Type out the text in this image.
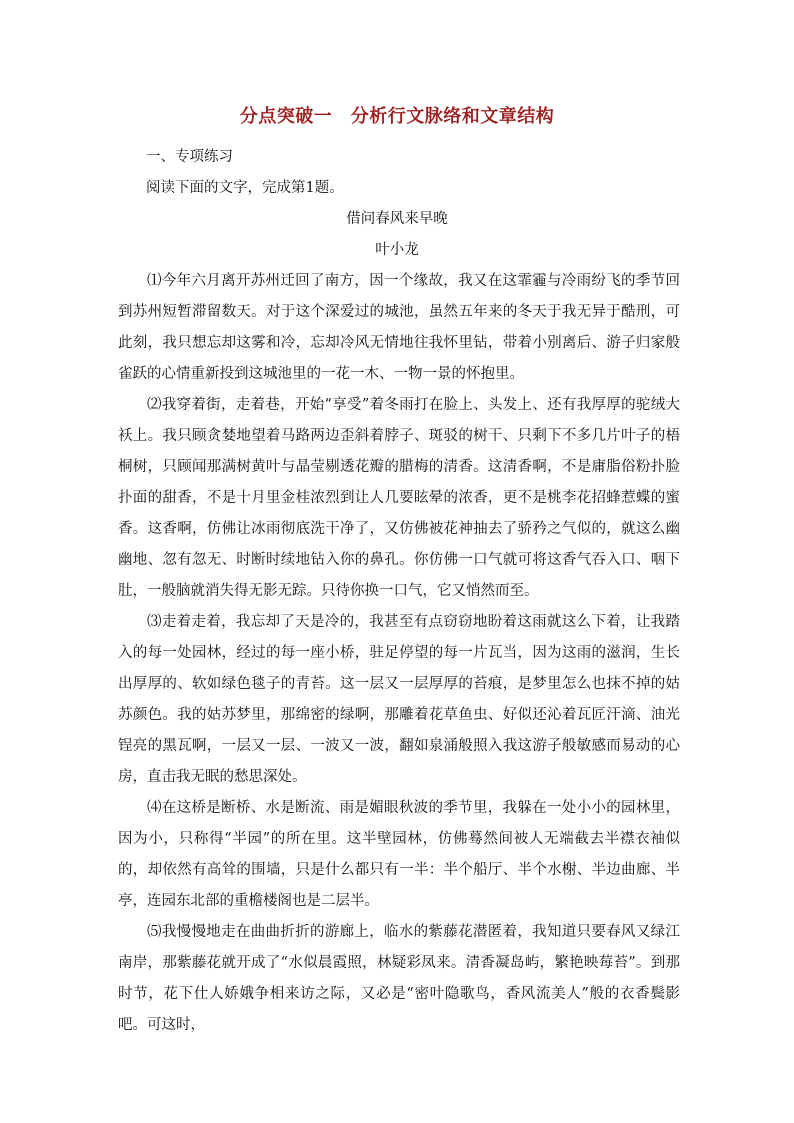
分点突破一　分析行文脉络和文章结构
一、专项练习
阅读下面的文字，完成第1题。
借问春风来早晚
叶小龙

⑴今年六月离开苏州迁回了南方，因一个缘故，我又在这霏霾与冷雨纷飞的季节回到苏州短暂滞留数天。对于这个深爱过的城池，虽然五年来的冬天于我无异于酷刑，可此刻，我只想忘却这雾和冷，忘却冷风无情地往我怀里钻，带着小别离后、游子归家般雀跃的心情重新投到这城池里的一花一木、一物一景的怀抱里。

⑵我穿着街，走着巷，开始“享受”着冬雨打在脸上、头发上、还有我厚厚的驼绒大袄上。我只顾贪婪地望着马路两边歪斜着脖子、斑驳的树干、只剩下不多几片叶子的梧桐树，只顾闻那满树黄叶与晶莹剔透花瓣的腊梅的清香。这清香啊，不是庸脂俗粉扑脸扑面的甜香，不是十月里金桂浓烈到让人几要眩晕的浓香，更不是桃李花招蜂惹蝶的蜜香。这香啊，仿佛让冰雨彻底洗干净了，又仿佛被花神抽去了骄矜之气似的，就这么幽幽地、忽有忽无、时断时续地钻入你的鼻孔。你仿佛一口气就可将这香气吞入口、咽下肚，一般脑就消失得无影无踪。只待你换一口气，它又悄然而至。

⑶走着走着，我忘却了天是冷的，我甚至有点窃窃地盼着这雨就这么下着，让我踏入的每一处园林，经过的每一座小桥，驻足停望的每一片瓦当，因为这雨的滋润，生长出厚厚的、软如绿色毯子的青苔。这一层又一层厚厚的苔痕，是梦里怎么也抹不掉的姑苏颜色。我的姑苏梦里，那绵密的绿啊，那雕着花草鱼虫、好似还沁着瓦匠汗滴、油光锃亮的黑瓦啊，一层又一层、一波又一波，翻如泉涌般照入我这游子般敏感而易动的心房，直击我无眠的愁思深处。

⑷在这桥是断桥、水是断流、雨是媚眼秋波的季节里，我躲在一处小小的园林里，因为小，只称得“半园”的所在里。这半壁园林，仿佛蓦然间被人无端截去半襟衣袖似的，却依然有高耸的围墙，只是什么都只有一半：半个船厅、半个水榭、半边曲廊、半亭，连园东北部的重檐楼阁也是二层半。

⑸我慢慢地走在曲曲折折的游廊上，临水的紫藤花潜匿着，我知道只要春风又绿江南岸，那紫藤花就开成了“水似晨霞照，林疑彩凤来。清香凝岛屿，繁艳映莓苔”。到那时节，花下仕人娇娥争相来访之际，又必是“密叶隐歌鸟，香风流美人”般的衣香鬓影吧。可这时，
